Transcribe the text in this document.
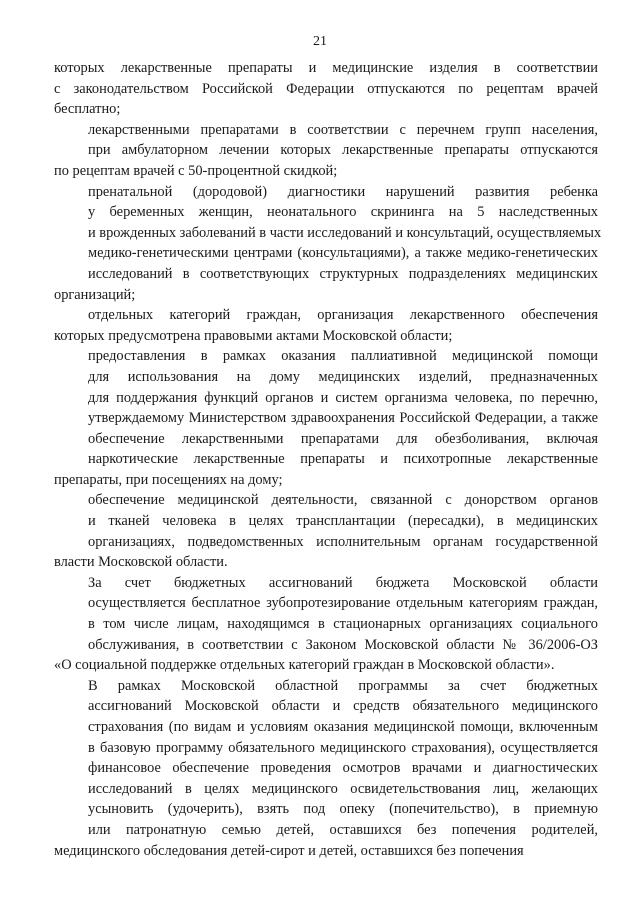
21

которых лекарственные препараты и медицинские изделия в соответствии
с законодательством Российской Федерации отпускаются по рецептам врачей
бесплатно;

лекарственными препаратами в соответствии с перечнем групп населения,
при амбулаторном лечении которых лекарственные препараты отпускаются
по рецептам врачей с 50-процентной скидкой;

пренатальной (дородовой) диагностики нарушений развития ребенка
у беременных женщин, неонатального скрининга на 5 наследственных
и врожденных заболеваний в части исследований и консультаций, осуществляемых
медико-генетическими центрами (консультациями), а также медико-генетических
исследований в соответствующих структурных подразделениях медицинских
организаций;

отдельных категорий граждан, организация лекарственного обеспечения
которых предусмотрена правовыми актами Московской области;

предоставления в рамках оказания паллиативной медицинской помощи
для использования на дому медицинских изделий, предназначенных
для поддержания функций органов и систем организма человека, по перечню,
утверждаемому Министерством здравоохранения Российской Федерации, а также
обеспечение лекарственными препаратами для обезболивания, включая
наркотические лекарственные препараты и психотропные лекарственные
препараты, при посещениях на дому;

обеспечение медицинской деятельности, связанной с донорством органов
и тканей человека в целях трансплантации (пересадки), в медицинских
организациях, подведомственных исполнительным органам государственной
власти Московской области.

За счет бюджетных ассигнований бюджета Московской области
осуществляется бесплатное зубопротезирование отдельным категориям граждан,
в том числе лицам, находящимся в стационарных организациях социального
обслуживания, в соответствии с Законом Московской области № 36/2006-ОЗ
«О социальной поддержке отдельных категорий граждан в Московской области».

В рамках Московской областной программы за счет бюджетных
ассигнований Московской области и средств обязательного медицинского
страхования (по видам и условиям оказания медицинской помощи, включенным
в базовую программу обязательного медицинского страхования), осуществляется
финансовое обеспечение проведения осмотров врачами и диагностических
исследований в целях медицинского освидетельствования лиц, желающих
усыновить (удочерить), взять под опеку (попечительство), в приемную
или патронатную семью детей, оставшихся без попечения родителей,
медицинского обследования детей-сирот и детей, оставшихся без попечения
